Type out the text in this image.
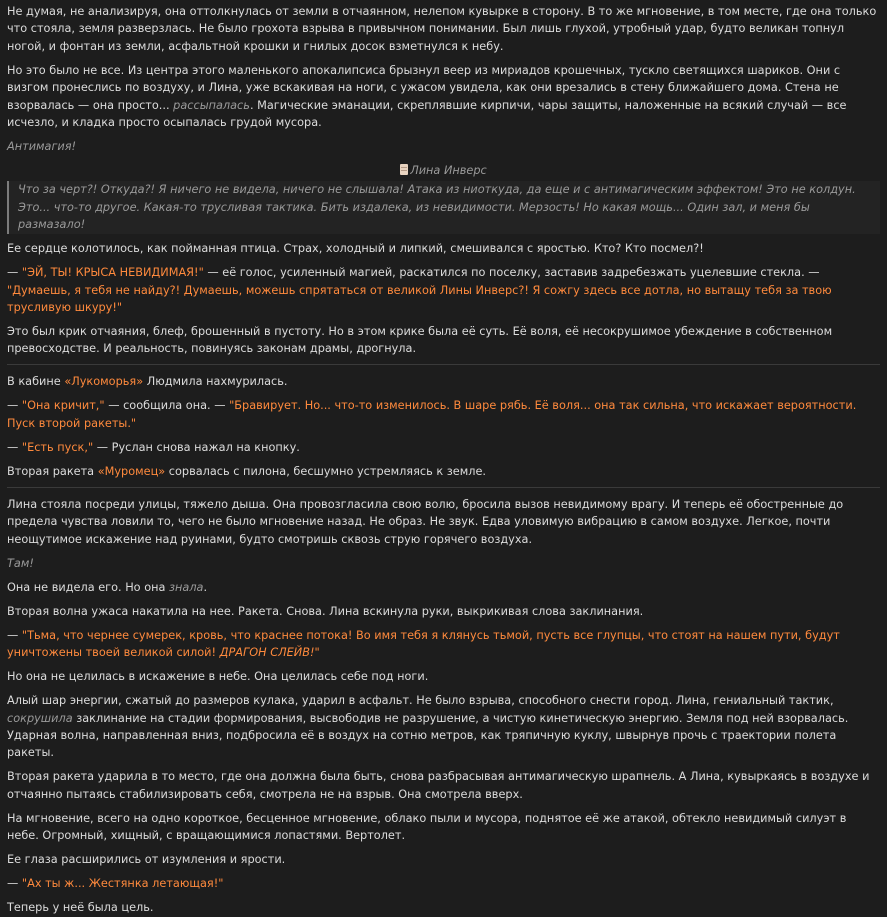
Не думая, не анализируя, она оттолкнулась от земли в отчаянном, нелепом кувырке в сторону. В то же мгновение, в том месте, где она только что стояла, земля разверзлась. Не было грохота взрыва в привычном понимании. Был лишь глухой, утробный удар, будто великан топнул ногой, и фонтан из земли, асфальтной крошки и гнилых досок взметнулся к небу.
Но это было не все. Из центра этого маленького апокалипсиса брызнул веер из мириадов крошечных, тускло светящихся шариков. Они с визгом пронеслись по воздуху, и Лина, уже вскакивая на ноги, с ужасом увидела, как они врезались в стену ближайшего дома. Стена не взорвалась — она просто... рассыпалась. Магические эманации, скреплявшие кирпичи, чары защиты, наложенные на всякий случай — все исчезло, и кладка просто осыпалась грудой мусора.
Антимагия!
Лина Инверс
Что за черт?! Откуда?! Я ничего не видела, ничего не слышала! Атака из ниоткуда, да еще и с антимагическим эффектом! Это не колдун. Это... что-то другое. Какая-то трусливая тактика. Бить издалека, из невидимости. Мерзость! Но какая мощь... Один зал, и меня бы размазало!
Ее сердце колотилось, как пойманная птица. Страх, холодный и липкий, смешивался с яростью. Кто? Кто посмел?!
— "ЭЙ, ТЫ! КРЫСА НЕВИДИМАЯ!" — её голос, усиленный магией, раскатился по поселку, заставив задребезжать уцелевшие стекла. — "Думаешь, я тебя не найду?! Думаешь, можешь спрятаться от великой Лины Инверс?! Я сожгу здесь все дотла, но вытащу тебя за твою трусливую шкуру!"
Это был крик отчаяния, блеф, брошенный в пустоту. Но в этом крике была её суть. Её воля, её несокрушимое убеждение в собственном превосходстве. И реальность, повинуясь законам драмы, дрогнула.
В кабине «Лукоморья» Людмила нахмурилась.
— "Она кричит," — сообщила она. — "Бравирует. Но... что-то изменилось. В шаре рябь. Её воля... она так сильна, что искажает вероятности. Пуск второй ракеты."
— "Есть пуск," — Руслан снова нажал на кнопку.
Вторая ракета «Муромец» сорвалась с пилона, бесшумно устремляясь к земле.
Лина стояла посреди улицы, тяжело дыша. Она провозгласила свою волю, бросила вызов невидимому врагу. И теперь её обостренные до предела чувства ловили то, чего не было мгновение назад. Не образ. Не звук. Едва уловимую вибрацию в самом воздухе. Легкое, почти неощутимое искажение над руинами, будто смотришь сквозь струю горячего воздуха.
Там!
Она не видела его. Но она знала.
Вторая волна ужаса накатила на нее. Ракета. Снова. Лина вскинула руки, выкрикивая слова заклинания.
— "Тьма, что чернее сумерек, кровь, что краснее потока! Во имя тебя я клянусь тьмой, пусть все глупцы, что стоят на нашем пути, будут уничтожены твоей великой силой! ДРАГОН СЛЕЙВ!"
Но она не целилась в искажение в небе. Она целилась себе под ноги.
Алый шар энергии, сжатый до размеров кулака, ударил в асфальт. Не было взрыва, способного снести город. Лина, гениальный тактик, сокрушила заклинание на стадии формирования, высвободив не разрушение, а чистую кинетическую энергию. Земля под ней взорвалась. Ударная волна, направленная вниз, подбросила её в воздух на сотню метров, как тряпичную куклу, швырнув прочь с траектории полета ракеты.
Вторая ракета ударила в то место, где она должна была быть, снова разбрасывая антимагическую шрапнель. А Лина, кувыркаясь в воздухе и отчаянно пытаясь стабилизировать себя, смотрела не на взрыв. Она смотрела вверх.
На мгновение, всего на одно короткое, бесценное мгновение, облако пыли и мусора, поднятое её же атакой, обтекло невидимый силуэт в небе. Огромный, хищный, с вращающимися лопастями. Вертолет.
Ее глаза расширились от изумления и ярости.
— "Ах ты ж... Жестянка летающая!"
Теперь у неё была цель.
